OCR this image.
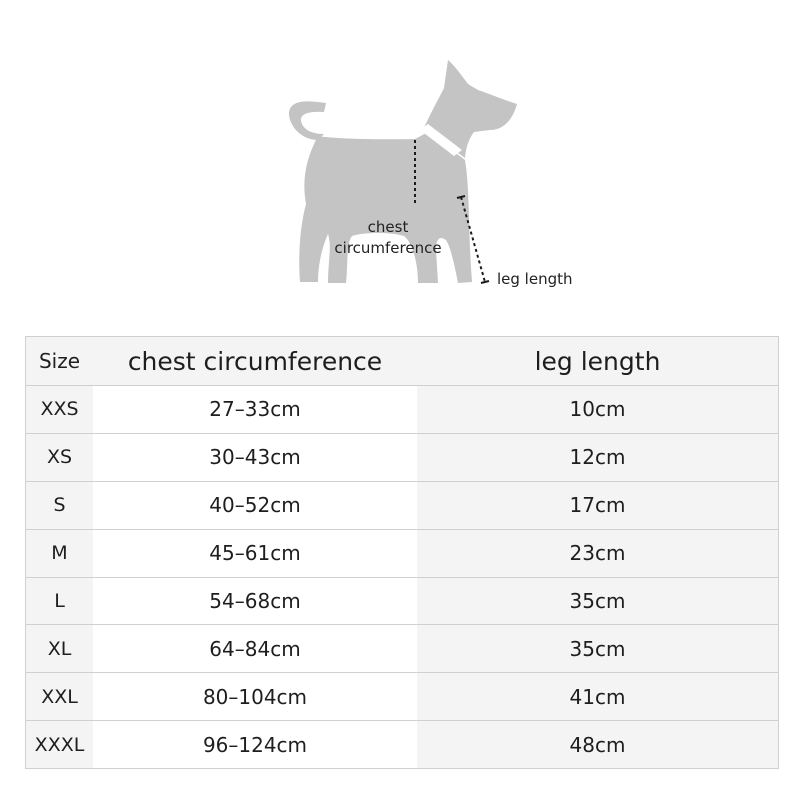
chest
circumference
leg length
Size	chest circumference	leg length
XXS	27–33cm	10cm
XS	30–43cm	12cm
S	40–52cm	17cm
M	45–61cm	23cm
L	54–68cm	35cm
XL	64–84cm	35cm
XXL	80–104cm	41cm
XXXL	96–124cm	48cm
